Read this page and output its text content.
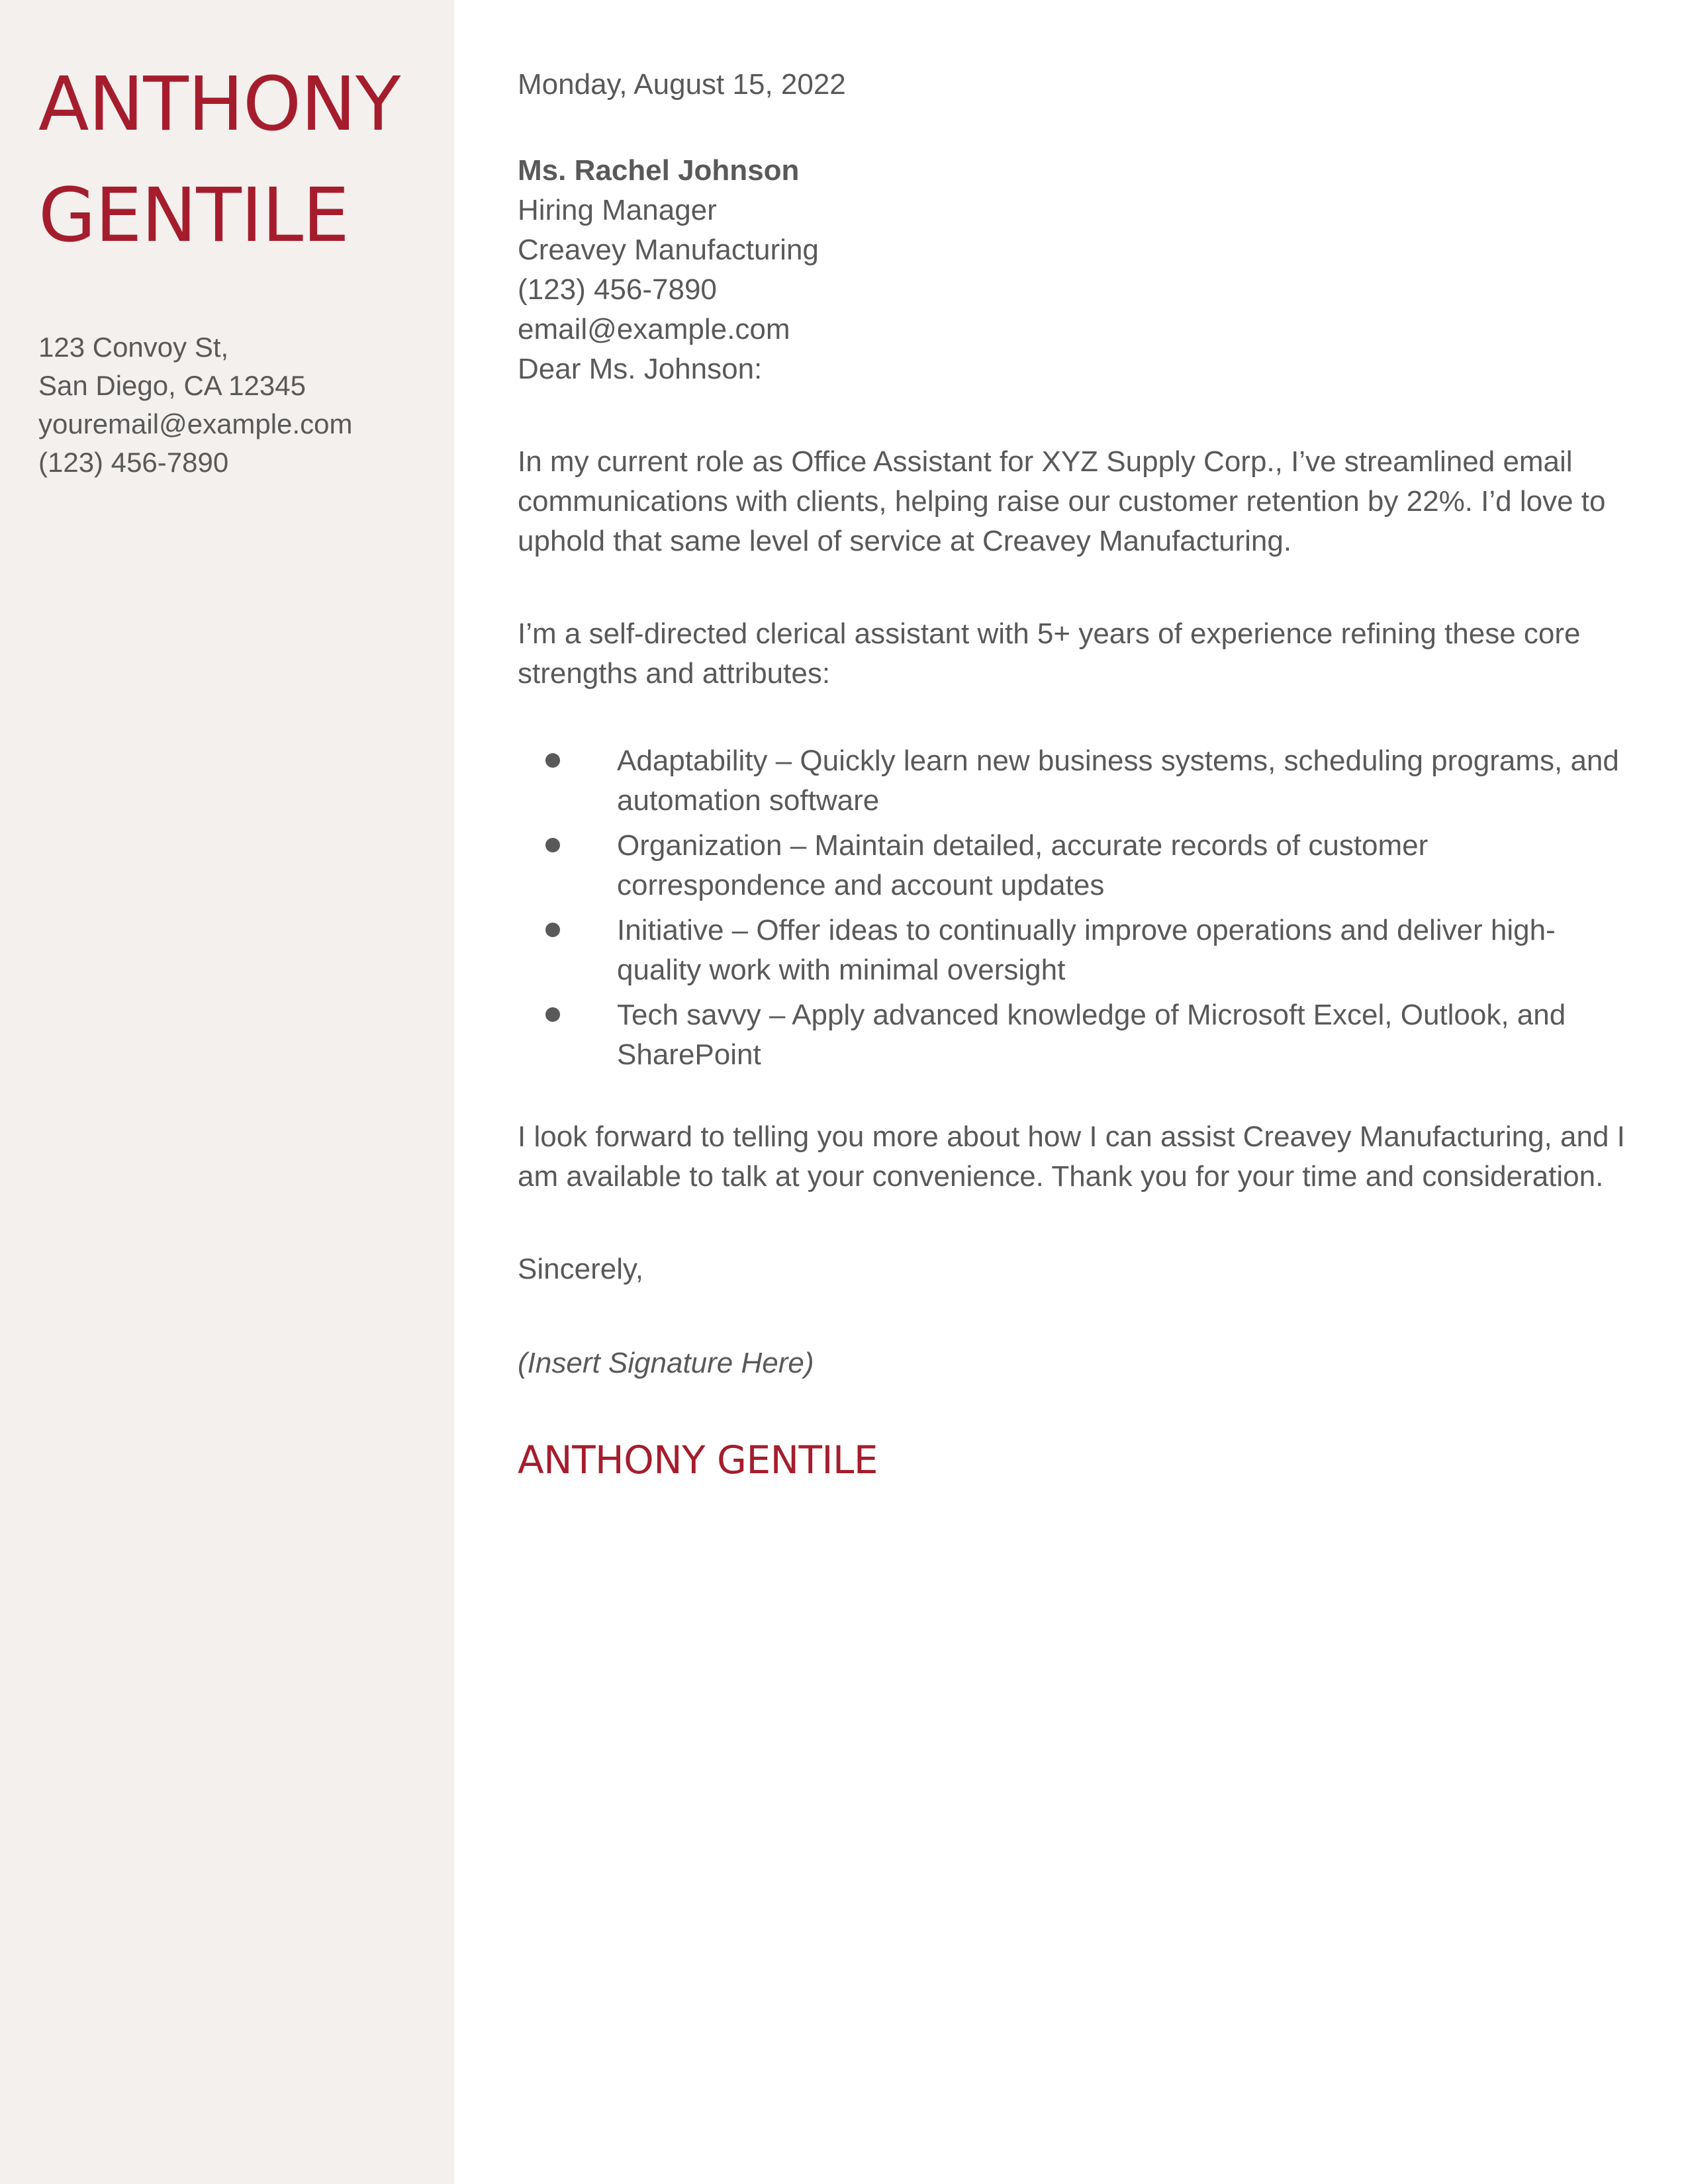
ANTHONY
GENTILE
123 Convoy St,
San Diego, CA 12345
youremail@example.com
(123) 456-7890

Monday, August 15, 2022

Ms. Rachel Johnson
Hiring Manager
Creavey Manufacturing
(123) 456-7890
email@example.com

Dear Ms. Johnson:

In my current role as Office Assistant for XYZ Supply Corp., I’ve streamlined email communications with clients, helping raise our customer retention by 22%. I’d love to uphold that same level of service at Creavey Manufacturing.

I’m a self-directed clerical assistant with 5+ years of experience refining these core strengths and attributes:

Adaptability – Quickly learn new business systems, scheduling programs, and automation software
Organization – Maintain detailed, accurate records of customer correspondence and account updates
Initiative – Offer ideas to continually improve operations and deliver high-quality work with minimal oversight
Tech savvy – Apply advanced knowledge of Microsoft Excel, Outlook, and SharePoint

I look forward to telling you more about how I can assist Creavey Manufacturing, and I am available to talk at your convenience. Thank you for your time and consideration.

Sincerely,

(Insert Signature Here)

ANTHONY GENTILE
